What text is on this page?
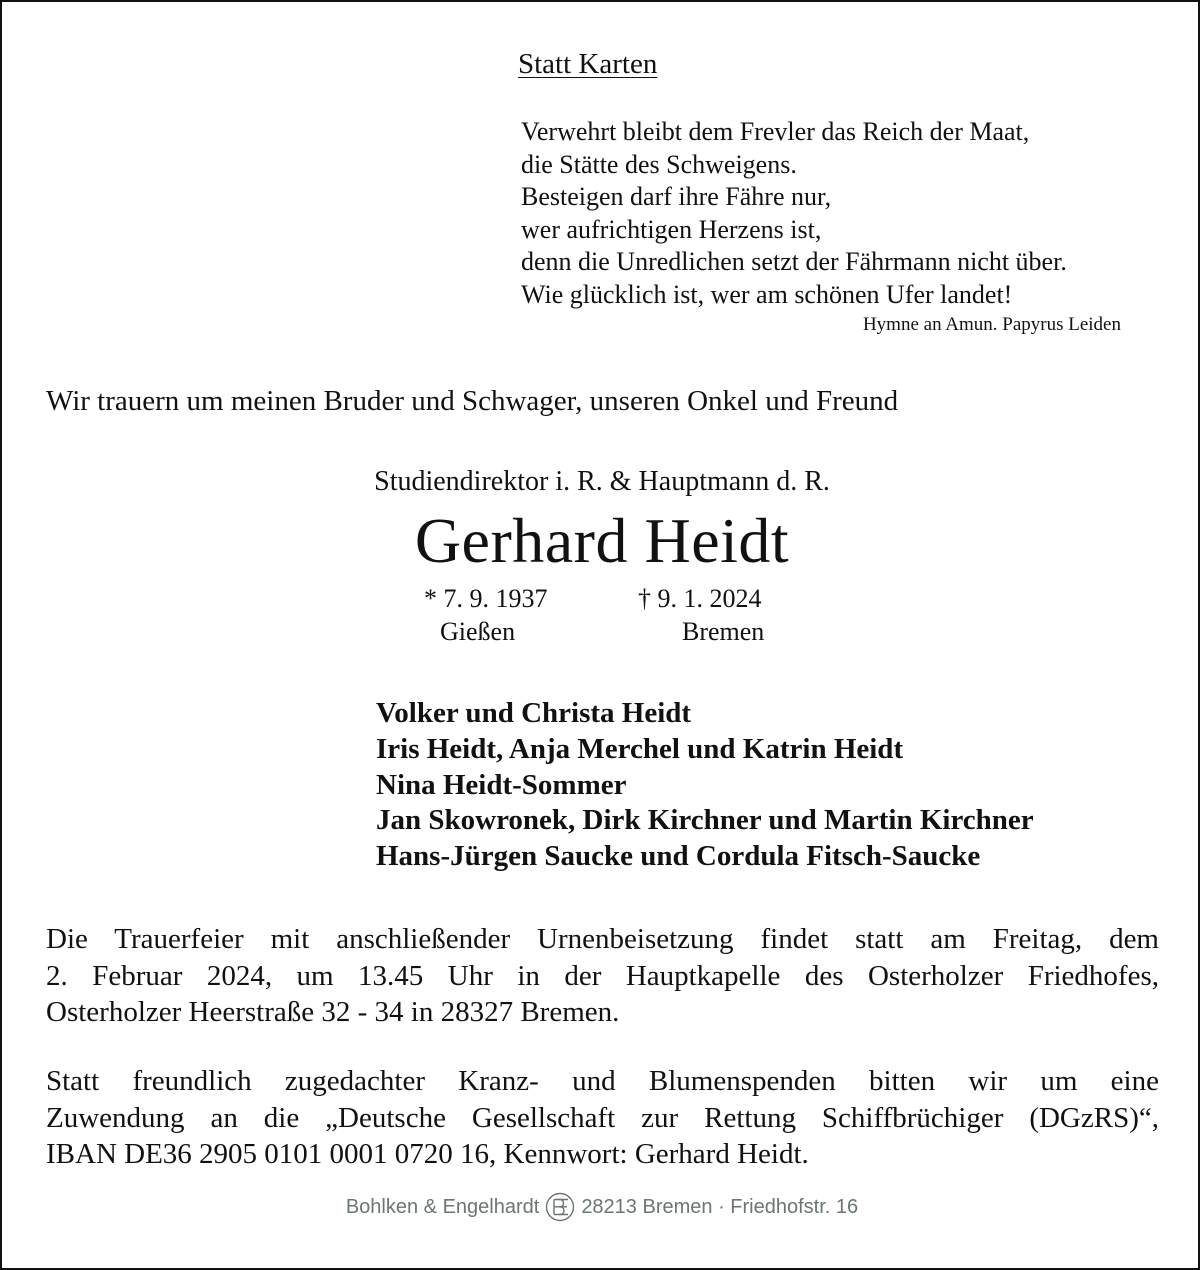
Statt Karten
Verwehrt bleibt dem Frevler das Reich der Maat,
die Stätte des Schweigens.
Besteigen darf ihre Fähre nur,
wer aufrichtigen Herzens ist,
denn die Unredlichen setzt der Fährmann nicht über.
Wie glücklich ist, wer am schönen Ufer landet!
Hymne an Amun. Papyrus Leiden
Wir trauern um meinen Bruder und Schwager, unseren Onkel und Freund
Studiendirektor i. R. & Hauptmann d. R.
Gerhard Heidt
* 7. 9. 1937
Gießen
† 9. 1. 2024
Bremen
Volker und Christa Heidt
Iris Heidt, Anja Merchel und Katrin Heidt
Nina Heidt-Sommer
Jan Skowronek, Dirk Kirchner und Martin Kirchner
Hans-Jürgen Saucke und Cordula Fitsch-Saucke
Die Trauerfeier mit anschließender Urnenbeisetzung findet statt am Freitag, dem
2. Februar 2024, um 13.45 Uhr in der Hauptkapelle des Osterholzer Friedhofes,
Osterholzer Heerstraße 32 - 34 in 28327 Bremen.
Statt freundlich zugedachter Kranz- und Blumenspenden bitten wir um eine
Zuwendung an die „Deutsche Gesellschaft zur Rettung Schiffbrüchiger (DGzRS)“,
IBAN DE36 2905 0101 0001 0720 16, Kennwort: Gerhard Heidt.
Bohlken & Engelhardt 28213 Bremen · Friedhofstr. 16
